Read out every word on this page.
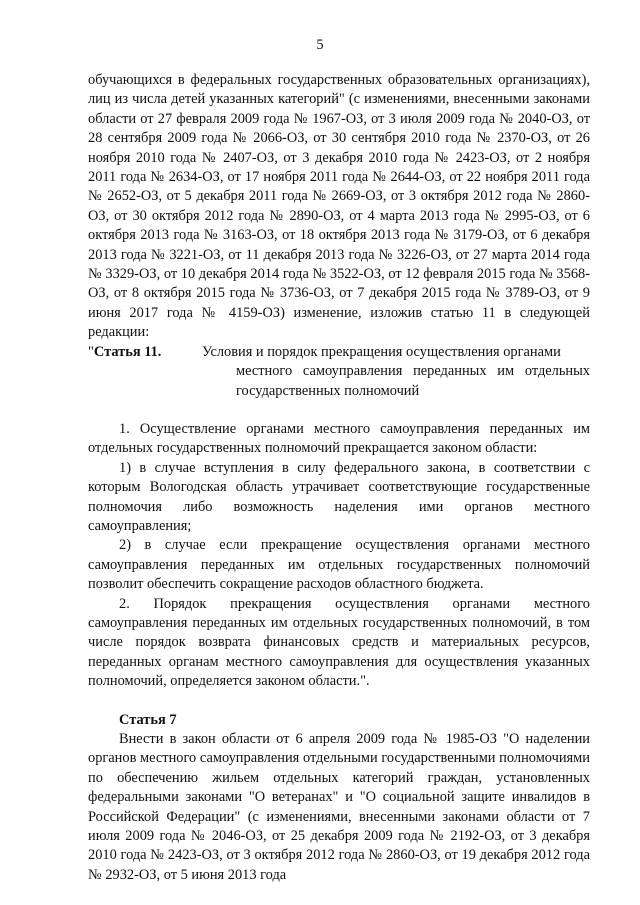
5

обучающихся в федеральных государственных образовательных организациях), лиц из числа детей указанных категорий" (с изменениями, внесенными законами области от 27 февраля 2009 года № 1967-ОЗ, от 3 июля 2009 года № 2040-ОЗ, от 28 сентября 2009 года № 2066-ОЗ, от 30 сентября 2010 года № 2370-ОЗ, от 26 ноября 2010 года № 2407-ОЗ, от 3 декабря 2010 года № 2423-ОЗ, от 2 ноября 2011 года № 2634-ОЗ, от 17 ноября 2011 года № 2644-ОЗ, от 22 ноября 2011 года № 2652-ОЗ, от 5 декабря 2011 года № 2669-ОЗ, от 3 октября 2012 года № 2860-ОЗ, от 30 октября 2012 года № 2890-ОЗ, от 4 марта 2013 года № 2995-ОЗ, от 6 октября 2013 года № 3163-ОЗ, от 18 октября 2013 года № 3179-ОЗ, от 6 декабря 2013 года № 3221-ОЗ, от 11 декабря 2013 года № 3226-ОЗ, от 27 марта 2014 года № 3329-ОЗ, от 10 декабря 2014 года № 3522-ОЗ, от 12 февраля 2015 года № 3568-ОЗ, от 8 октября 2015 года № 3736-ОЗ, от 7 декабря 2015 года № 3789-ОЗ, от 9 июня 2017 года № 4159-ОЗ) изменение, изложив статью 11 в следующей редакции:

"Статья 11.	Условия и порядок прекращения осуществления органами
местного самоуправления переданных им отдельных
государственных полномочий

1. Осуществление органами местного самоуправления переданных им отдельных государственных полномочий прекращается законом области:

1) в случае вступления в силу федерального закона, в соответствии с которым Вологодская область утрачивает соответствующие государственные полномочия либо возможность наделения ими органов местного самоуправления;

2) в случае если прекращение осуществления органами местного самоуправления переданных им отдельных государственных полномочий позволит обеспечить сокращение расходов областного бюджета.

2. Порядок прекращения осуществления органами местного самоуправления переданных им отдельных государственных полномочий, в том числе порядок возврата финансовых средств и материальных ресурсов, переданных органам местного самоуправления для осуществления указанных полномочий, определяется законом области.".

Статья 7

Внести в закон области от 6 апреля 2009 года № 1985-ОЗ "О наделении органов местного самоуправления отдельными государственными полномочиями по обеспечению жильем отдельных категорий граждан, установленных федеральными законами "О ветеранах" и "О социальной защите инвалидов в Российской Федерации" (с изменениями, внесенными законами области от 7 июля 2009 года № 2046-ОЗ, от 25 декабря 2009 года № 2192-ОЗ, от 3 декабря 2010 года № 2423-ОЗ, от 3 октября 2012 года № 2860-ОЗ, от 19 декабря 2012 года № 2932-ОЗ, от 5 июня 2013 года
